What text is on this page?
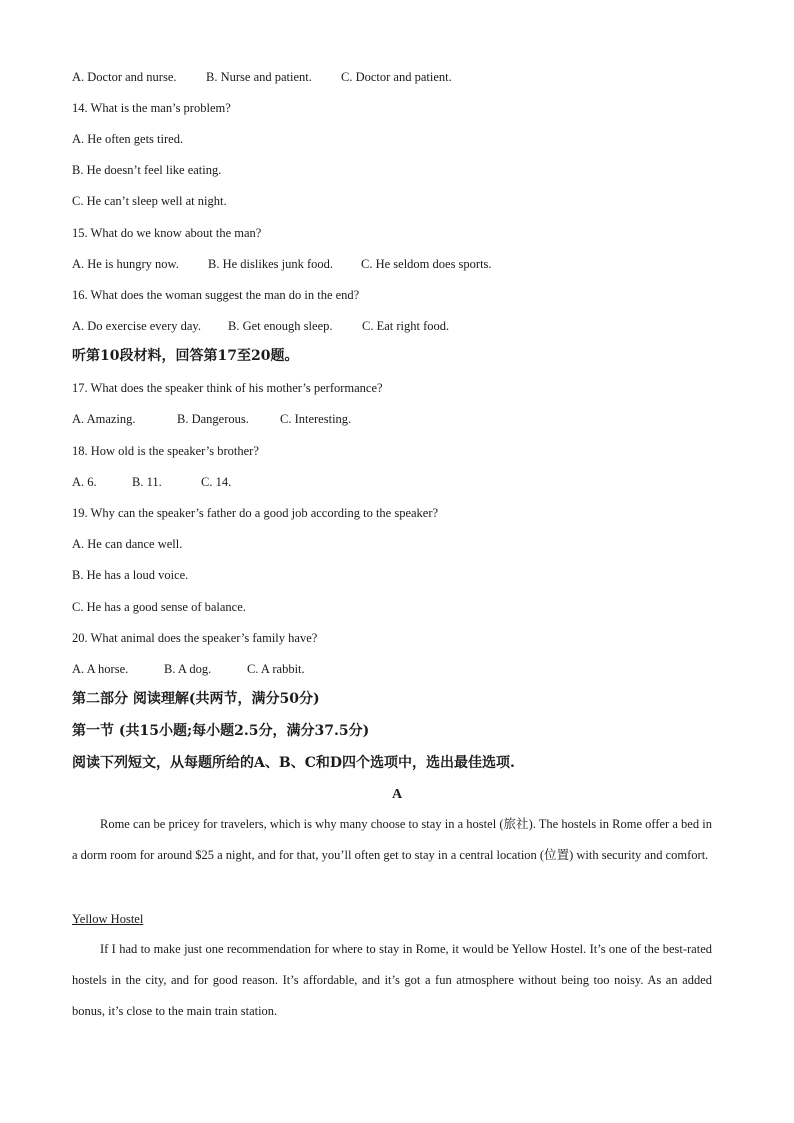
A. Doctor and nurse. B. Nurse and patient. C. Doctor and patient.
14. What is the man’s problem?
A. He often gets tired.
B. He doesn’t feel like eating.
C. He can’t sleep well at night.
15. What do we know about the man?
A. He is hungry now. B. He dislikes junk food. C. He seldom does sports.
16. What does the woman suggest the man do in the end?
A. Do exercise every day. B. Get enough sleep. C. Eat right food.
听第10段材料，回答第17至20题。
17. What does the speaker think of his mother’s performance?
A. Amazing.	B. Dangerous. C. Interesting.
18. How old is the speaker’s brother?
A. 6.	B. 11.	C. 14.
19. Why can the speaker’s father do a good job according to the speaker?
A. He can dance well.
B. He has a loud voice.
C. He has a good sense of balance.
20. What animal does the speaker’s family have?
A. A horse.	B. A dog.	C. A rabbit.
第二部分 阅读理解(共两节，满分50分)
第一节 (共15小题;每小题2.5分，满分37.5分)
阅读下列短文，从每题所给的A、B、C和D四个选项中，选出最佳选项.
A
Rome can be pricey for travelers, which is why many choose to stay in a hostel (旅社). The hostels in Rome offer a bed in a dorm room for around $25 a night, and for that, you’ll often get to stay in a central location (位置) with security and comfort.
Yellow Hostel
If I had to make just one recommendation for where to stay in Rome, it would be Yellow Hostel. It’s one of the best-rated hostels in the city, and for good reason. It’s affordable, and it’s got a fun atmosphere without being too noisy. As an added bonus, it’s close to the main train station.
